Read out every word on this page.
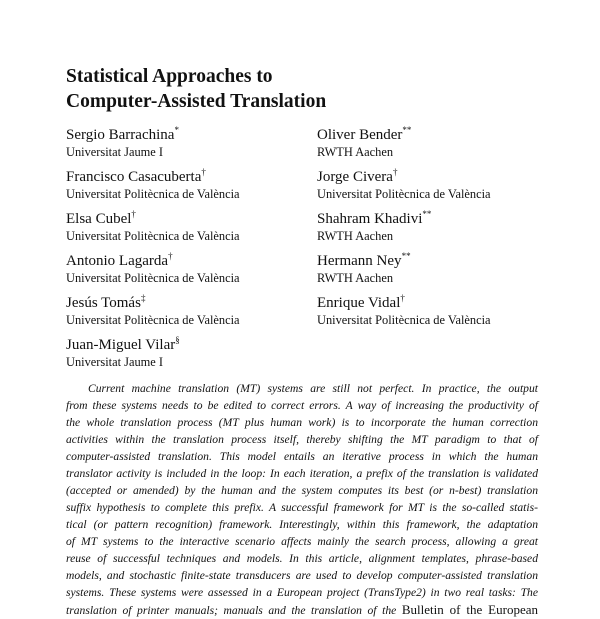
Statistical Approaches to
Computer-Assisted Translation
Sergio Barrachina*
Universitat Jaume I
Francisco Casacuberta†
Universitat Politècnica de València
Elsa Cubel†
Universitat Politècnica de València
Antonio Lagarda†
Universitat Politècnica de València
Jesús Tomás‡
Universitat Politècnica de València
Juan-Miguel Vilar§
Universitat Jaume I
Oliver Bender**
RWTH Aachen
Jorge Civera†
Universitat Politècnica de València
Shahram Khadivi**
RWTH Aachen
Hermann Ney**
RWTH Aachen
Enrique Vidal†
Universitat Politècnica de València
Current machine translation (MT) systems are still not perfect. In practice, the output
from these systems needs to be edited to correct errors. A way of increasing the productivity of
the whole translation process (MT plus human work) is to incorporate the human correction
activities within the translation process itself, thereby shifting the MT paradigm to that of
computer-assisted translation. This model entails an iterative process in which the human
translator activity is included in the loop: In each iteration, a prefix of the translation is validated
(accepted or amended) by the human and the system computes its best (or n-best) translation
suffix hypothesis to complete this prefix. A successful framework for MT is the so-called statis-
tical (or pattern recognition) framework. Interestingly, within this framework, the adaptation
of MT systems to the interactive scenario affects mainly the search process, allowing a great
reuse of successful techniques and models. In this article, alignment templates, phrase-based
models, and stochastic finite-state transducers are used to develop computer-assisted translation
systems. These systems were assessed in a European project (TransType2) in two real tasks: The
translation of printer manuals; manuals and the translation of the Bulletin of the European
